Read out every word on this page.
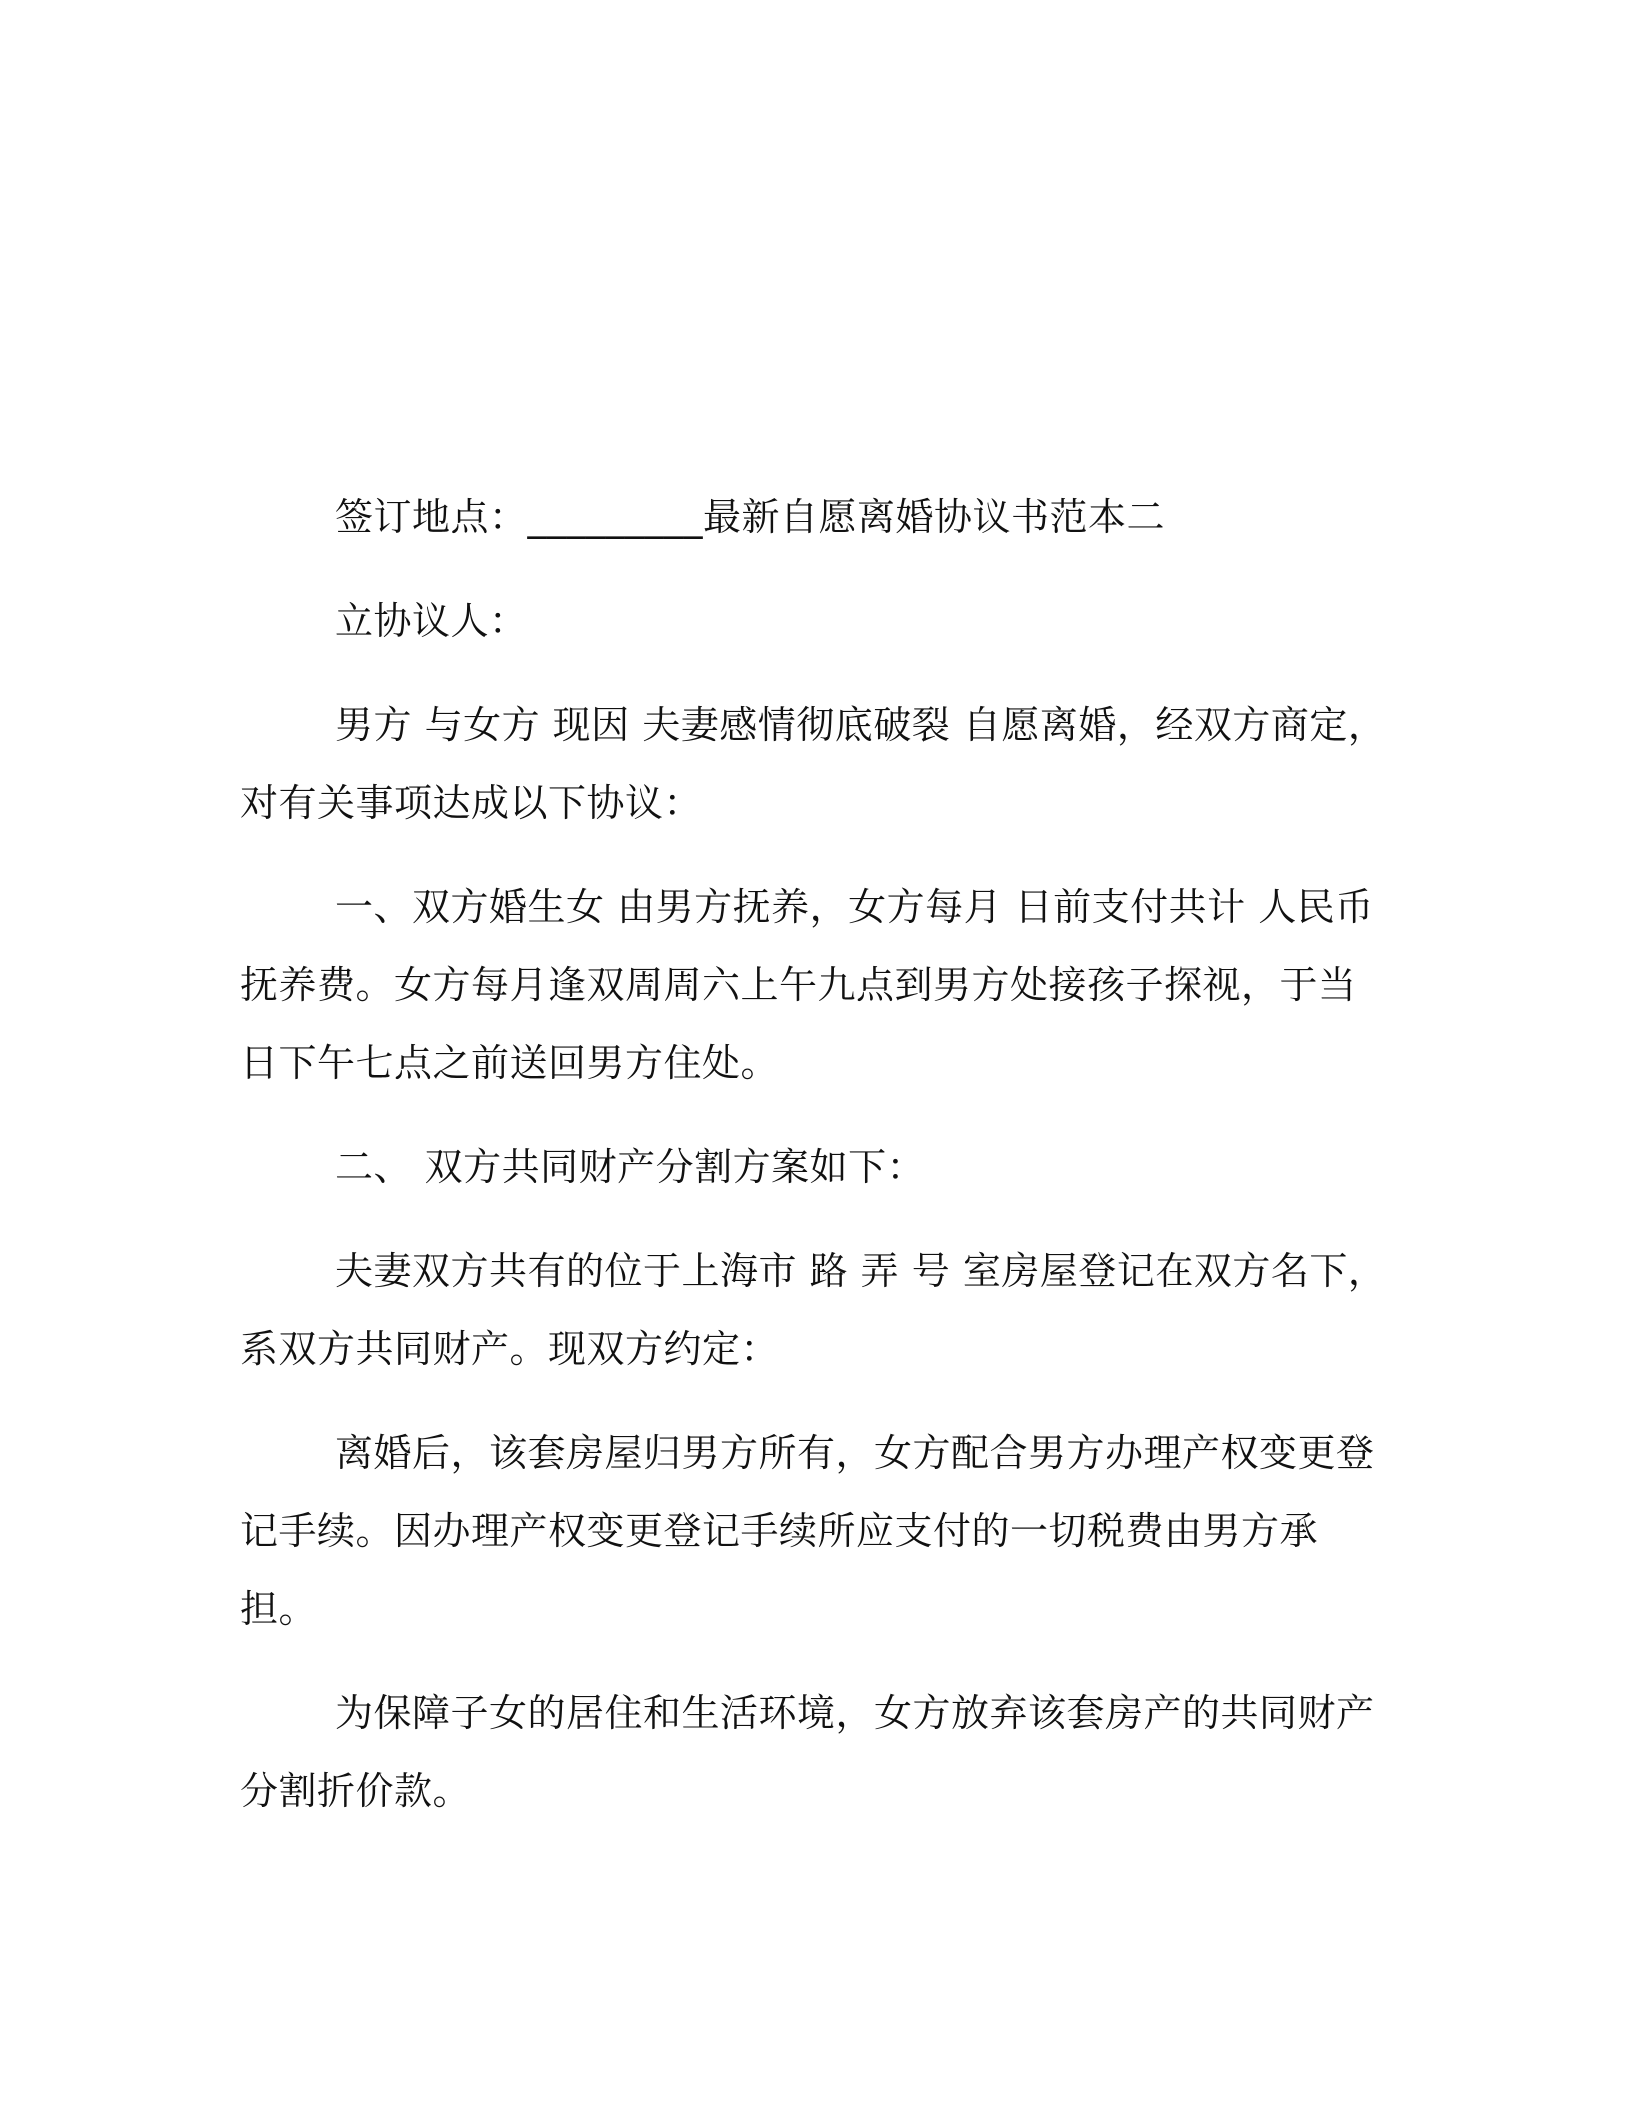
签订地点：_________最新自愿离婚协议书范本二

立协议人：

男方 与女方 现因 夫妻感情彻底破裂 自愿离婚，经双方商定，对有关事项达成以下协议：

一、双方婚生女 由男方抚养，女方每月 日前支付共计 人民币抚养费。女方每月逢双周周六上午九点到男方处接孩子探视，于当日下午七点之前送回男方住处。

二、 双方共同财产分割方案如下：

夫妻双方共有的位于上海市 路 弄 号 室房屋登记在双方名下，系双方共同财产。现双方约定：

离婚后，该套房屋归男方所有，女方配合男方办理产权变更登记手续。因办理产权变更登记手续所应支付的一切税费由男方承担。

为保障子女的居住和生活环境，女方放弃该套房产的共同财产分割折价款。
